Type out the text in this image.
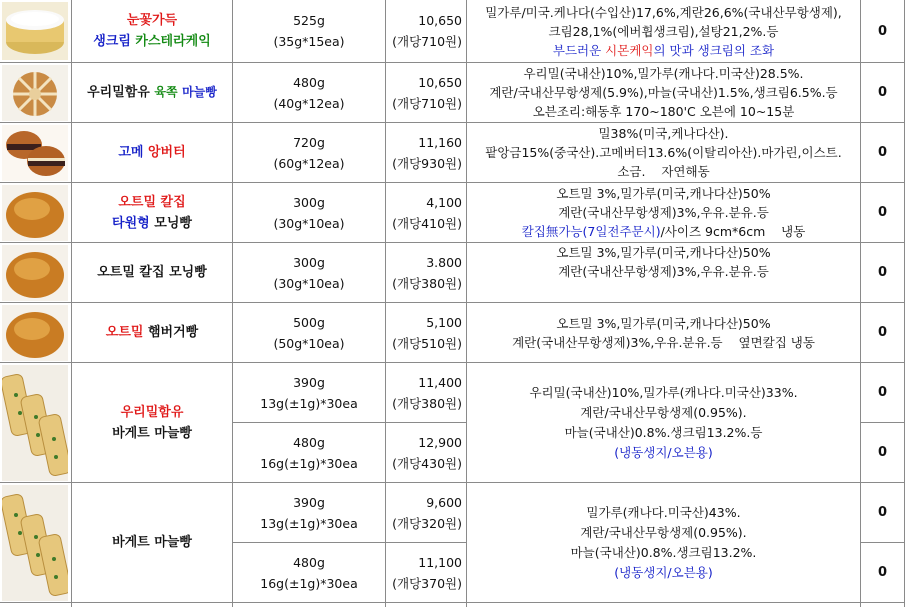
눈꽃가득
생크림 카스테라케익
525g
(35g*15ea)
10,650
(개당710원)
밀가루/미국.케나다(수입산)17,6%,계란26,6%(국내산무항생제),
크림28,1%(에버휩생크림),설탕21,2%.등
부드러운 시몬케익의 맛과 생크림의 조화
0
우리밀함유 육쪽 마늘빵
480g
(40g*12ea)
10,650
(개당710원)
우리밀(국내산)10%,밀가루(캐나다.미국산)28.5%.
계란/국내산무항생제(5.9%),마늘(국내산)1.5%,생크림6.5%.등
오븐조리:해동후 170~180'C 오븐에 10~15분
0
고메 앙버터
720g
(60g*12ea)
11,160
(개당930원)
밀38%(미국,케나다산).
팥앙금15%(중국산).고메버터13.6%(이탈리아산).마가린,이스트.
소금.    자연해동
0
오트밀 칼집
타원형 모닝빵
300g
(30g*10ea)
4,100
(개당410원)
오트밀 3%,밀가루(미국,캐나다산)50%
계란(국내산무항생제)3%,우유.분유.등
칼집無가능(7일전주문시)/사이즈 9cm*6cm    냉동
0
오트밀 칼집 모닝빵
300g
(30g*10ea)
3.800
(개당380원)
오트밀 3%,밀가루(미국,캐나다산)50%
계란(국내산무항생제)3%,우유.분유.등	0
오트밀 햄버거빵
500g
(50g*10ea)
5,100
(개당510원)
오트밀 3%,밀가루(미국,캐나다산)50%
계란(국내산무항생제)3%,우유.분유.등    옆면칼집 냉동
0
우리밀함유
바게트 마늘빵
390g
13g(±1g)*30ea
11,400
(개당380원)
480g
16g(±1g)*30ea
12,900
(개당430원)
우리밀(국내산)10%,밀가루(캐나다.미국산)33%.
계란/국내산무항생제(0.95%).
마늘(국내산)0.8%.생크림13.2%.등
(냉동생지/오븐용)
0
0
바게트 마늘빵
390g
13g(±1g)*30ea
9,600
(개당320원)
480g
16g(±1g)*30ea
11,100
(개당370원)
밀가루(캐나다.미국산)43%.
계란/국내산무항생제(0.95%).
마늘(국내산)0.8%.생크림13.2%.
(냉동생지/오븐용)
0
0
